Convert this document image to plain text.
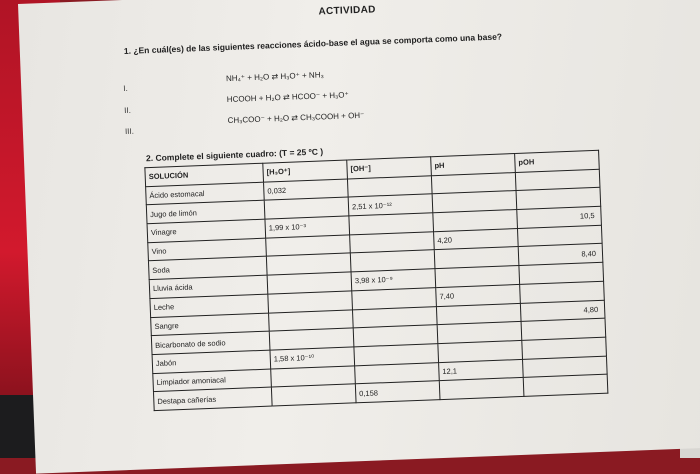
ACTIVIDAD
1. ¿En cuál(es) de las siguientes reacciones ácido-base el agua se comporta como una base?
I.
NH₄⁺ + H₂O ⇄ H₃O⁺ + NH₃
II.
HCOOH + H₂O ⇄ HCOO⁻ + H₃O⁺
III.
CH₃COO⁻ + H₂O ⇄ CH₃COOH + OH⁻
2. Complete el siguiente cuadro: (T = 25 ºC )
SOLUCIÓN	[H₃O⁺]	[OH⁻]	pH	pOH
Ácido estomacal	0,032			
Jugo de limón		2,51 x 10⁻¹²		
Vinagre	1,99 x 10⁻³			10,5
Vino			4,20	
Soda				8,40
Lluvia ácida		3,98 x 10⁻⁹		
Leche			7,40	
Sangre				4,80
Bicarbonato de sodio				
Jabón	1,58 x 10⁻¹⁰			
Limpiador amoniacal			12,1	
Destapa cañerías		0,158		
